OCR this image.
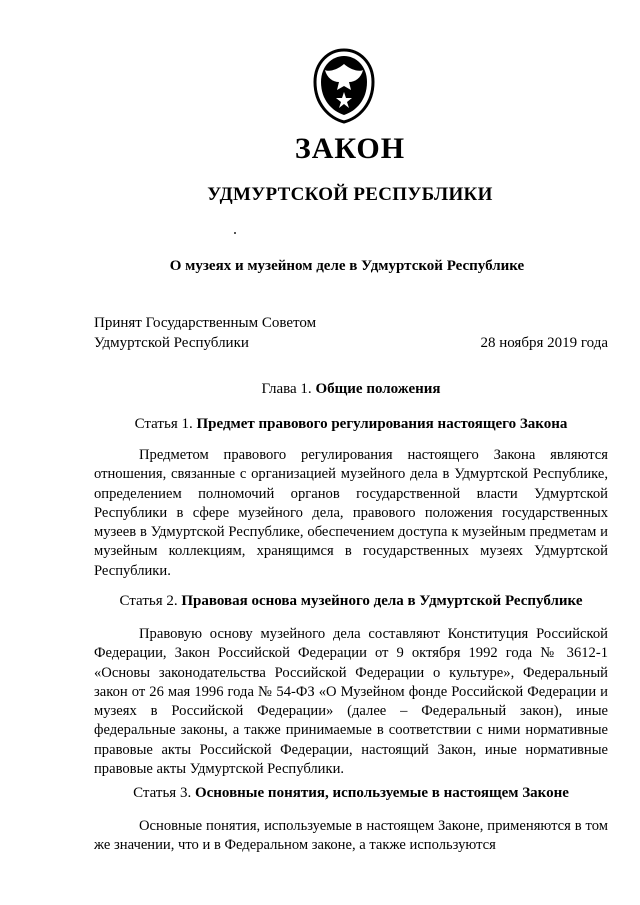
ЗАКОН
УДМУРТСКОЙ РЕСПУБЛИКИ
О музеях и музейном деле в Удмуртской Республике
Принят Государственным Советом
Удмуртской Республики	28 ноября 2019 года
Глава 1. Общие положения
Статья 1. Предмет правового регулирования настоящего Закона

Предметом правового регулирования настоящего Закона являются отношения, связанные с организацией музейного дела в Удмуртской Республике, определением полномочий органов государственной власти Удмуртской Республики в сфере музейного дела, правового положения государственных музеев в Удмуртской Республике, обеспечением доступа к музейным предметам и музейным коллекциям, хранящимся в государственных музеях Удмуртской Республики.

Статья 2. Правовая основа музейного дела в Удмуртской Республике

Правовую основу музейного дела составляют Конституция Российской Федерации, Закон Российской Федерации от 9 октября 1992 года № 3612-1 «Основы законодательства Российской Федерации о культуре», Федеральный закон от 26 мая 1996 года № 54-ФЗ «О Музейном фонде Российской Федерации и музеях в Российской Федерации» (далее – Федеральный закон), иные федеральные законы, а также принимаемые в соответствии с ними нормативные правовые акты Российской Федерации, настоящий Закон, иные нормативные правовые акты Удмуртской Республики.

Статья 3. Основные понятия, используемые в настоящем Законе

Основные понятия, используемые в настоящем Законе, применяются в том же значении, что и в Федеральном законе, а также используются
